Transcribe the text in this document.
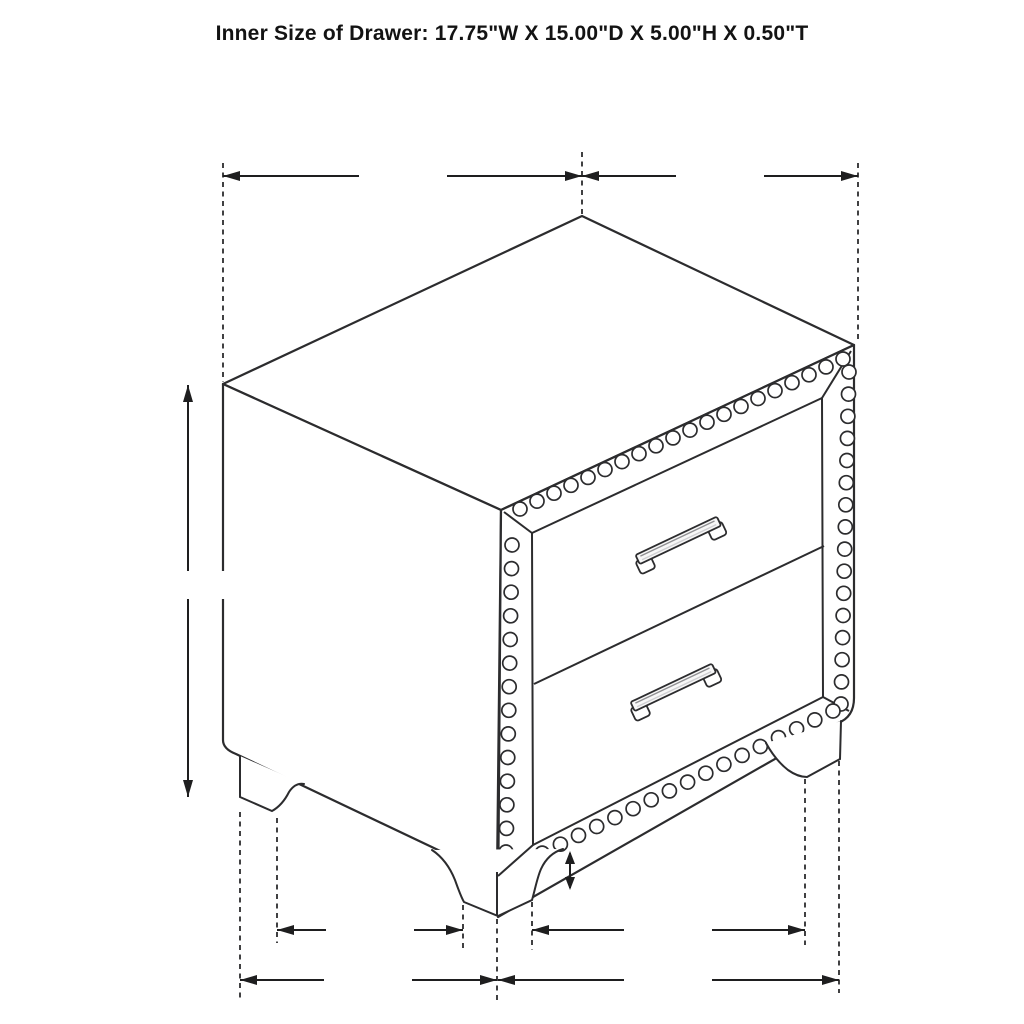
Inner Size of Drawer: 17.75"W X 15.00"D X 5.00"H X 0.50"T
